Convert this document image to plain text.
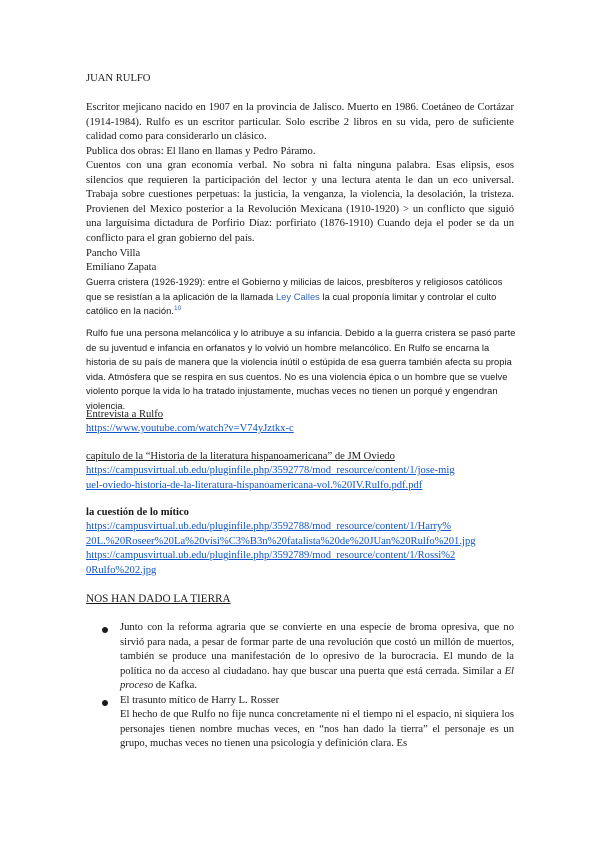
JUAN RULFO
Escritor mejicano nacido en 1907 en la provincia de Jalisco. Muerto en 1986. Coetáneo de Cortázar (1914-1984). Rulfo es un escritor particular. Solo escribe 2 libros en su vida, pero de suficiente calidad como para considerarlo un clásico.
Publica dos obras: El llano en llamas y Pedro Páramo.
Cuentos con una gran economía verbal. No sobra ni falta ninguna palabra. Esas elipsis, esos silencios que requieren la participación del lector y una lectura atenta le dan un eco universal. Trabaja sobre cuestiones perpetuas: la justicia, la venganza, la violencia, la desolación, la tristeza. Provienen del Mexico posterior a la Revolución Mexicana (1910-1920) > un conflicto que siguió una larguísima dictadura de Porfirio Díaz: porfiriato (1876-1910) Cuando deja el poder se da un conflicto para el gran gobierno del país.
Pancho Villa
Emiliano Zapata
Guerra cristera (1926-1929): entre el Gobierno y milicias de laicos, presbíteros y religiosos católicos que se resistían a la aplicación de la llamada Ley Calles la cual proponía limitar y controlar el culto católico en la nación.$^{10}$
Rulfo fue una persona melancólica y lo atribuye a su infancia. Debido a la guerra cristera se pasó parte de su juventud e infancia en orfanatos y lo volvió un hombre melancólico. En Rulfo se encarna la historia de su país de manera que la violencia inútil o estúpida de esa guerra también afecta su propia vida. Atmósfera que se respira en sus cuentos. No es una violencia épica o un hombre que se vuelve violento porque la vida lo ha tratado injustamente, muchas veces no tienen un porqué y engendran violencia.
Entrevista a Rulfo
https://www.youtube.com/watch?v=V74yJztkx-c
capítulo de la “Historia de la literatura hispanoamericana” de JM Oviedo
https://campusvirtual.ub.edu/pluginfile.php/3592778/mod_resource/content/1/jose-mig
uel-oviedo-historia-de-la-literatura-hispanoamericana-vol.%20IV.Rulfo.pdf.pdf
la cuestión de lo mítico
https://campusvirtual.ub.edu/pluginfile.php/3592788/mod_resource/content/1/Harry%
20L.%20Roseer%20La%20visi%C3%B3n%20fatalista%20de%20JUan%20Rulfo%201.jpg
https://campusvirtual.ub.edu/pluginfile.php/3592789/mod_resource/content/1/Rossi%2
0Rulfo%202.jpg
NOS HAN DADO LA TIERRA
Junto con la reforma agraria que se convierte en una especie de broma opresiva, que no sirvió para nada, a pesar de formar parte de una revolución que costó un millón de muertos, también se produce una manifestación de lo opresivo de la burocracia. El mundo de la política no da acceso al ciudadano. hay que buscar una puerta que está cerrada. Similar a El proceso de Kafka.
El trasunto mítico de Harry L. Rosser
El hecho de que Rulfo no fije nunca concretamente ni el tiempo ni el espacio, ni siquiera los personajes tienen nombre muchas veces, en “nos han dado la tierra” el personaje es un grupo, muchas veces no tienen una psicología y definición clara. Es
